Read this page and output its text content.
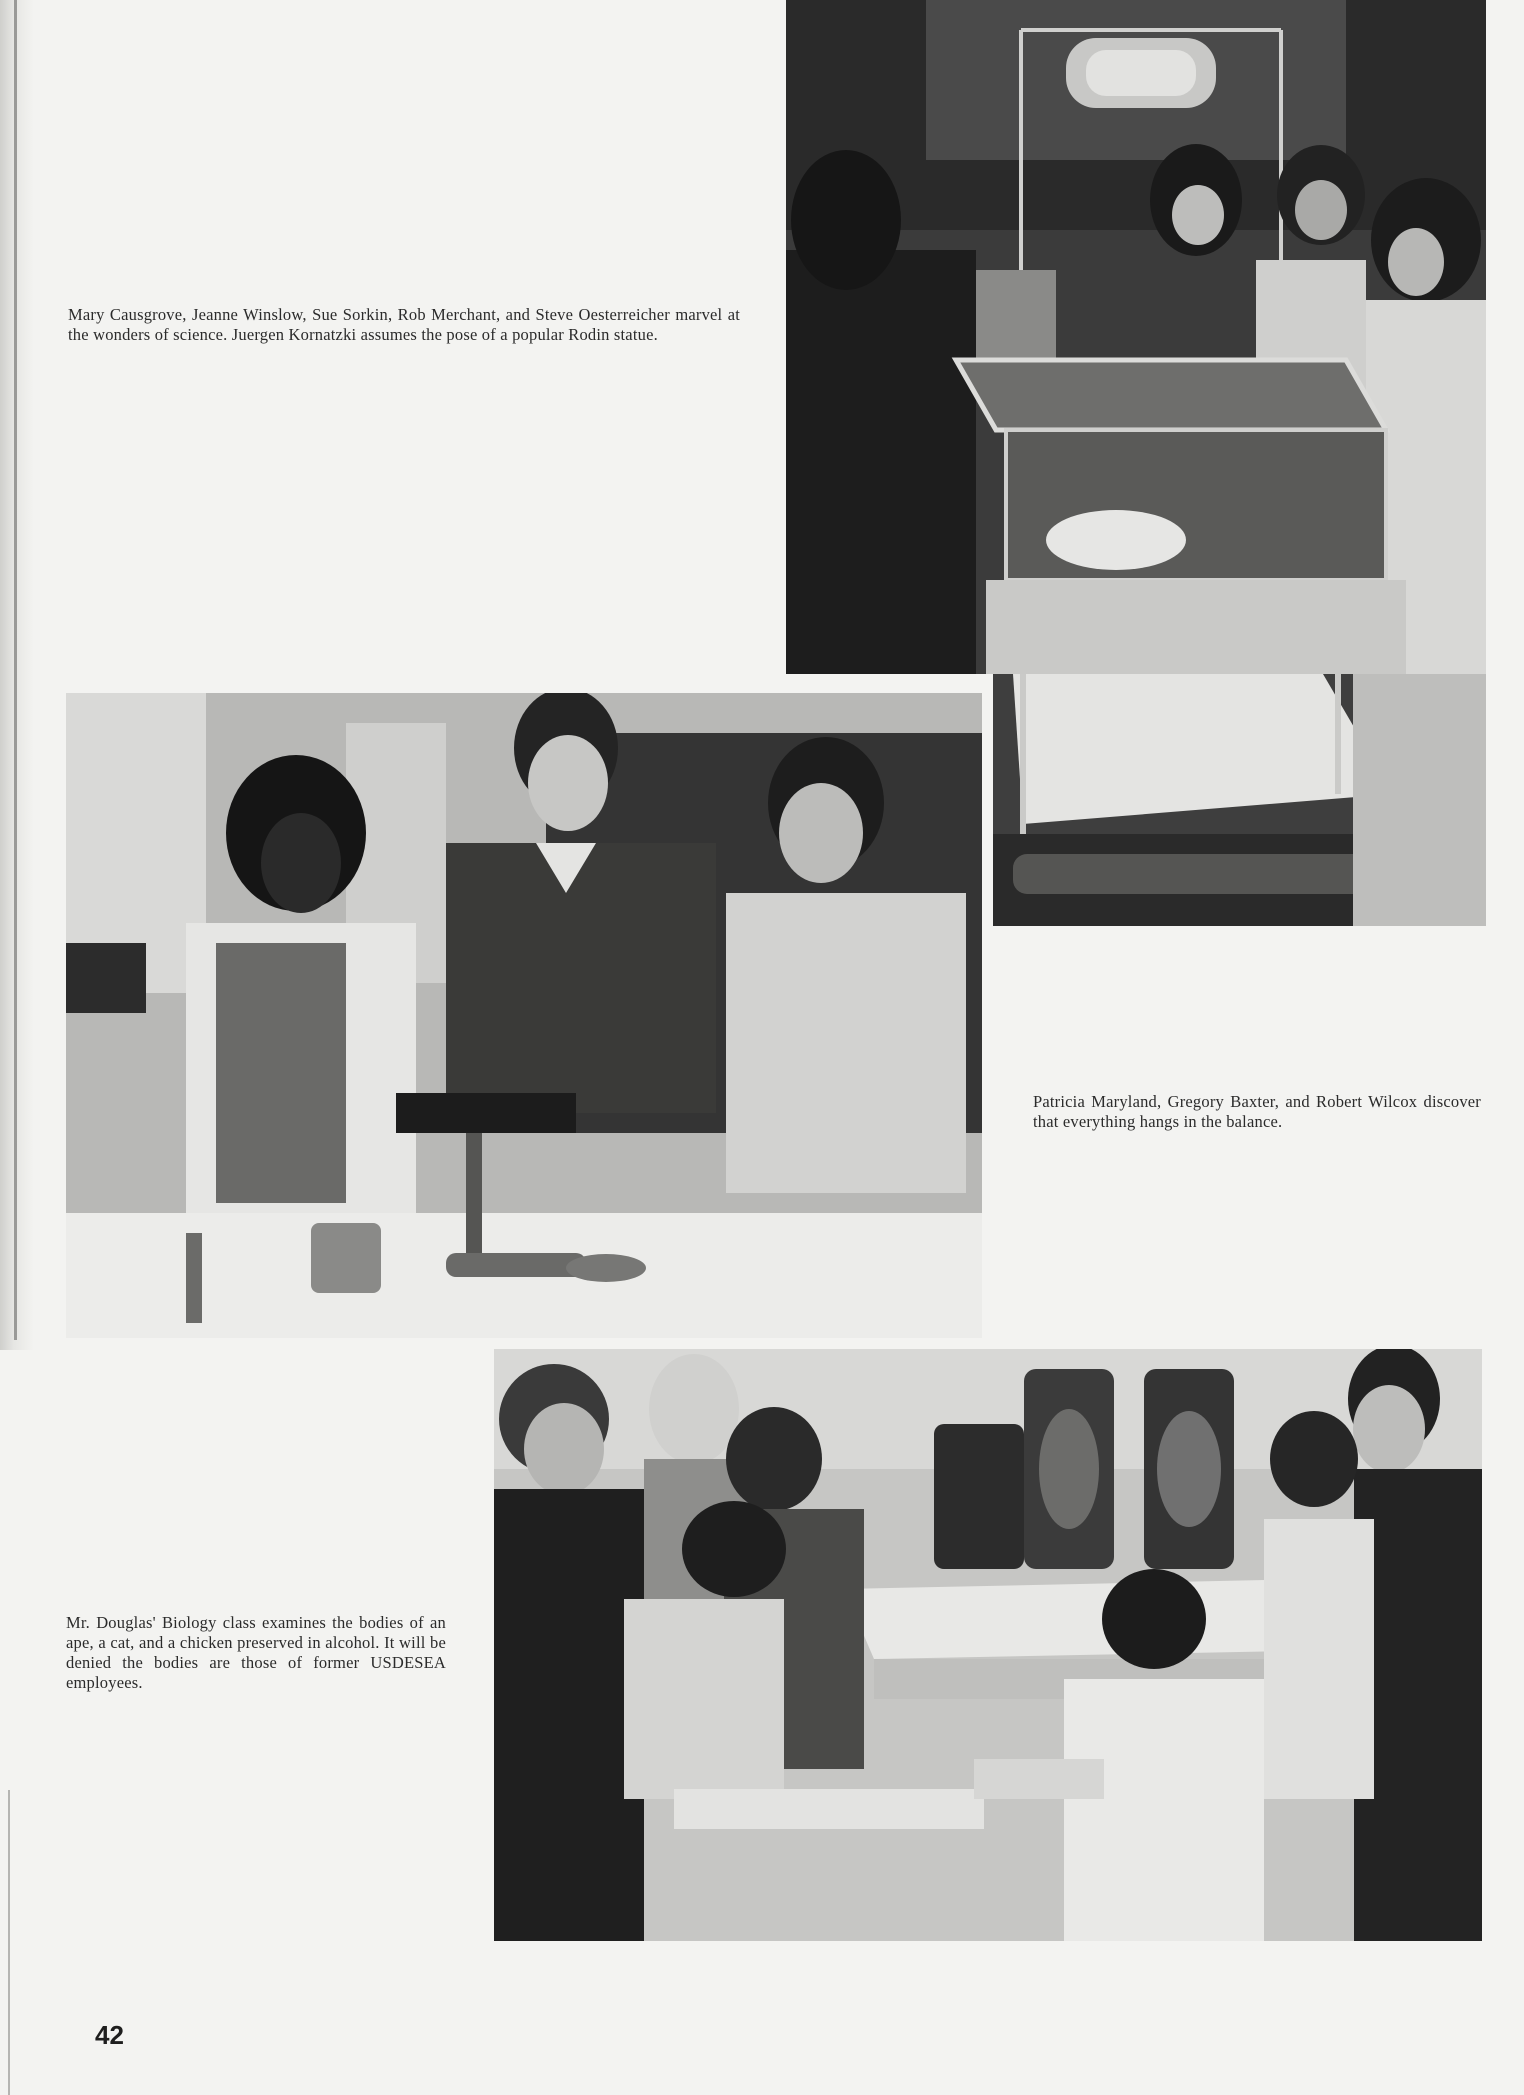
Mary Causgrove, Jeanne Winslow, Sue Sorkin, Rob Merchant, and Steve Oesterreicher marvel at the wonders of science. Juergen Kornatzki assumes the pose of a popular Rodin statue.

Patricia Maryland, Gregory Baxter, and Robert Wilcox discover that everything hangs in the balance.

Mr. Douglas' Biology class examines the bodies of an ape, a cat, and a chicken preserved in alcohol. It will be denied the bodies are those of former USDESEA employees.

42
